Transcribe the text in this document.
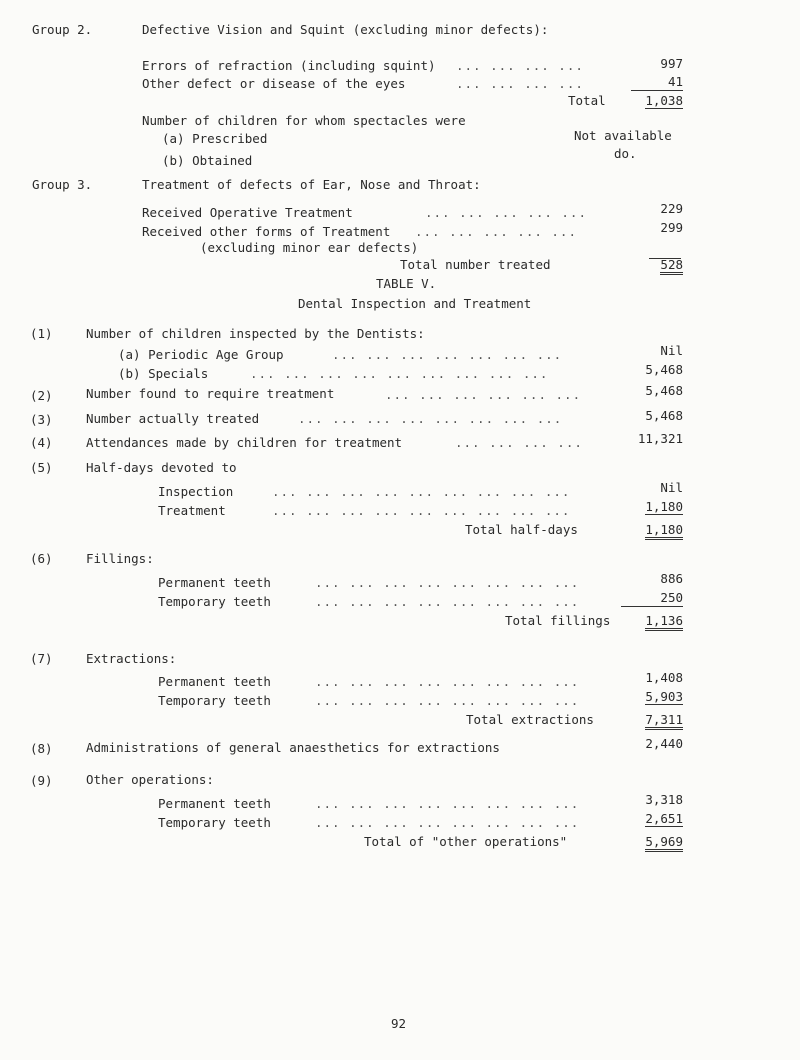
Group 2.	Defective Vision and Squint (excluding minor defects):
Errors of refraction (including squint) ... ... ... ...	997
Other defect or disease of the eyes	... ... ... ...	41
Total	1,038
Number of children for whom spectacles were
(a) Prescribed	Not available
(b) Obtained	do.
Group 3.	Treatment of defects of Ear, Nose and Throat:
Received Operative Treatment	... ... ... ... ...	229
Received other forms of Treatment ... ... ... ... ...	299
(excluding minor ear defects)
Total number treated	528
TABLE V.
Dental Inspection and Treatment
(1)	Number of children inspected by the Dentists:
(a) Periodic Age Group	... ... ... ... ... ... ...	Nil
(b) Specials	... ... ... ... ... ... ... ... ...	5,468
(2)	Number found to require treatment	... ... ... ... ... ...	5,468
(3)	Number actually treated	... ... ... ... ... ... ... ...	5,468
(4)	Attendances made by children for treatment	... ... ... ...	11,321
(5)	Half-days devoted to
Inspection	... ... ... ... ... ... ... ... ...	Nil
Treatment	... ... ... ... ... ... ... ... ...	1,180
Total half-days	1,180
(6)	Fillings:
Permanent teeth	... ... ... ... ... ... ... ...	886
Temporary teeth	... ... ... ... ... ... ... ...	250
Total fillings	1,136
(7)	Extractions:
Permanent teeth	... ... ... ... ... ... ... ...	1,408
Temporary teeth	... ... ... ... ... ... ... ...	5,903
Total extractions	7,311
(8)	Administrations of general anaesthetics for extractions	2,440
(9)	Other operations:
Permanent teeth	... ... ... ... ... ... ... ...	3,318
Temporary teeth	... ... ... ... ... ... ... ...	2,651
Total of "other operations"	5,969
92
